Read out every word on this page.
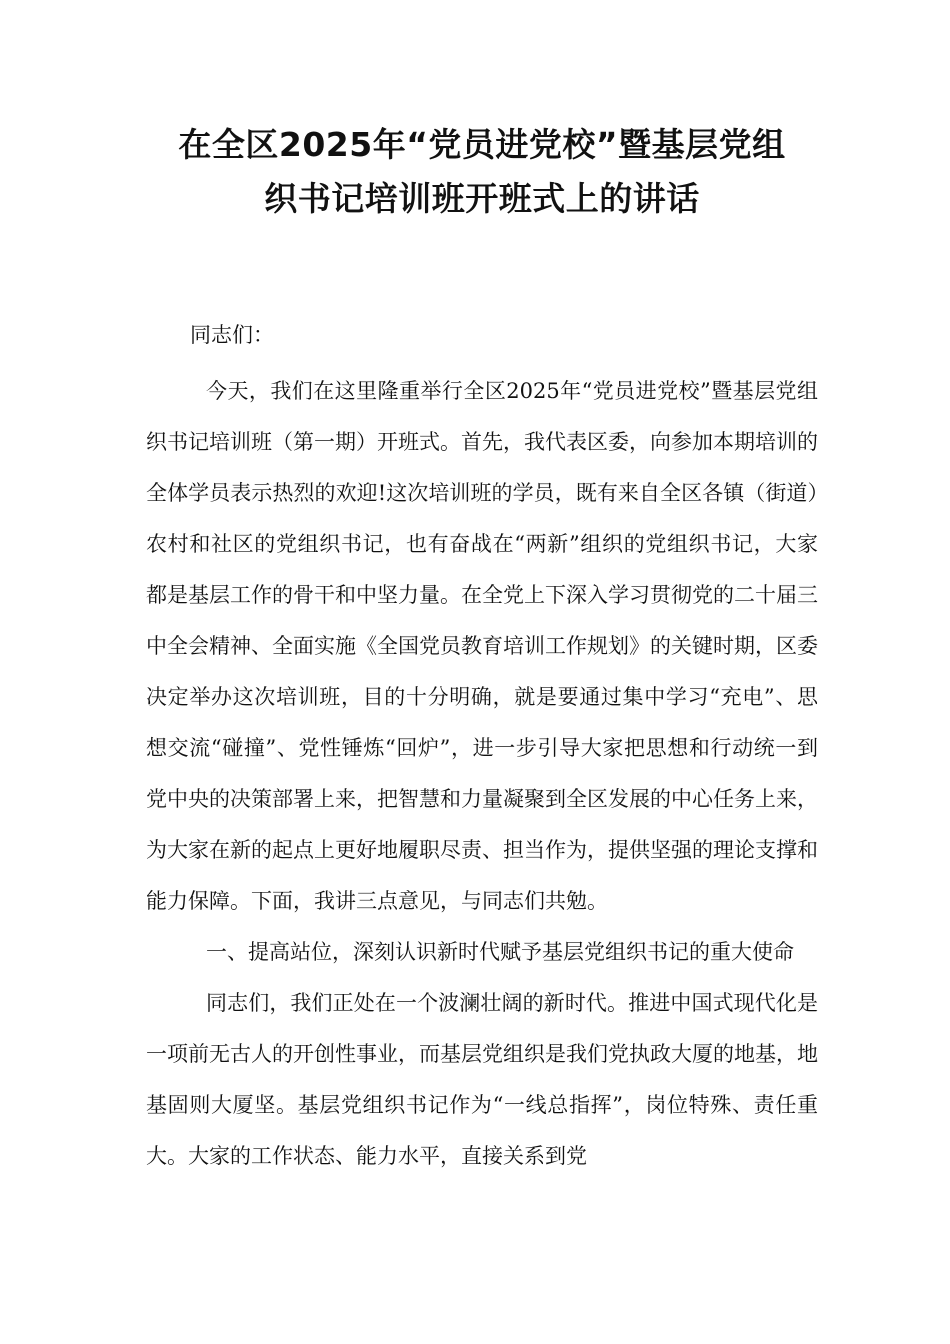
在全区2025年“党员进党校”暨基层党组
织书记培训班开班式上的讲话

同志们：

今天，我们在这里隆重举行全区2025年“党员进党校”暨基层党组织书记培训班（第一期）开班式。首先，我代表区委，向参加本期培训的全体学员表示热烈的欢迎!这次培训班的学员，既有来自全区各镇（街道）农村和社区的党组织书记，也有奋战在“两新”组织的党组织书记，大家都是基层工作的骨干和中坚力量。在全党上下深入学习贯彻党的二十届三中全会精神、全面实施《全国党员教育培训工作规划》的关键时期，区委决定举办这次培训班，目的十分明确，就是要通过集中学习“充电”、思想交流“碰撞”、党性锤炼“回炉”，进一步引导大家把思想和行动统一到党中央的决策部署上来，把智慧和力量凝聚到全区发展的中心任务上来，为大家在新的起点上更好地履职尽责、担当作为，提供坚强的理论支撑和能力保障。下面，我讲三点意见，与同志们共勉。

一、提高站位，深刻认识新时代赋予基层党组织书记的重大使命

同志们，我们正处在一个波澜壮阔的新时代。推进中国式现代化是一项前无古人的开创性事业，而基层党组织是我们党执政大厦的地基，地基固则大厦坚。基层党组织书记作为“一线总指挥”，岗位特殊、责任重大。大家的工作状态、能力水平，直接关系到党
